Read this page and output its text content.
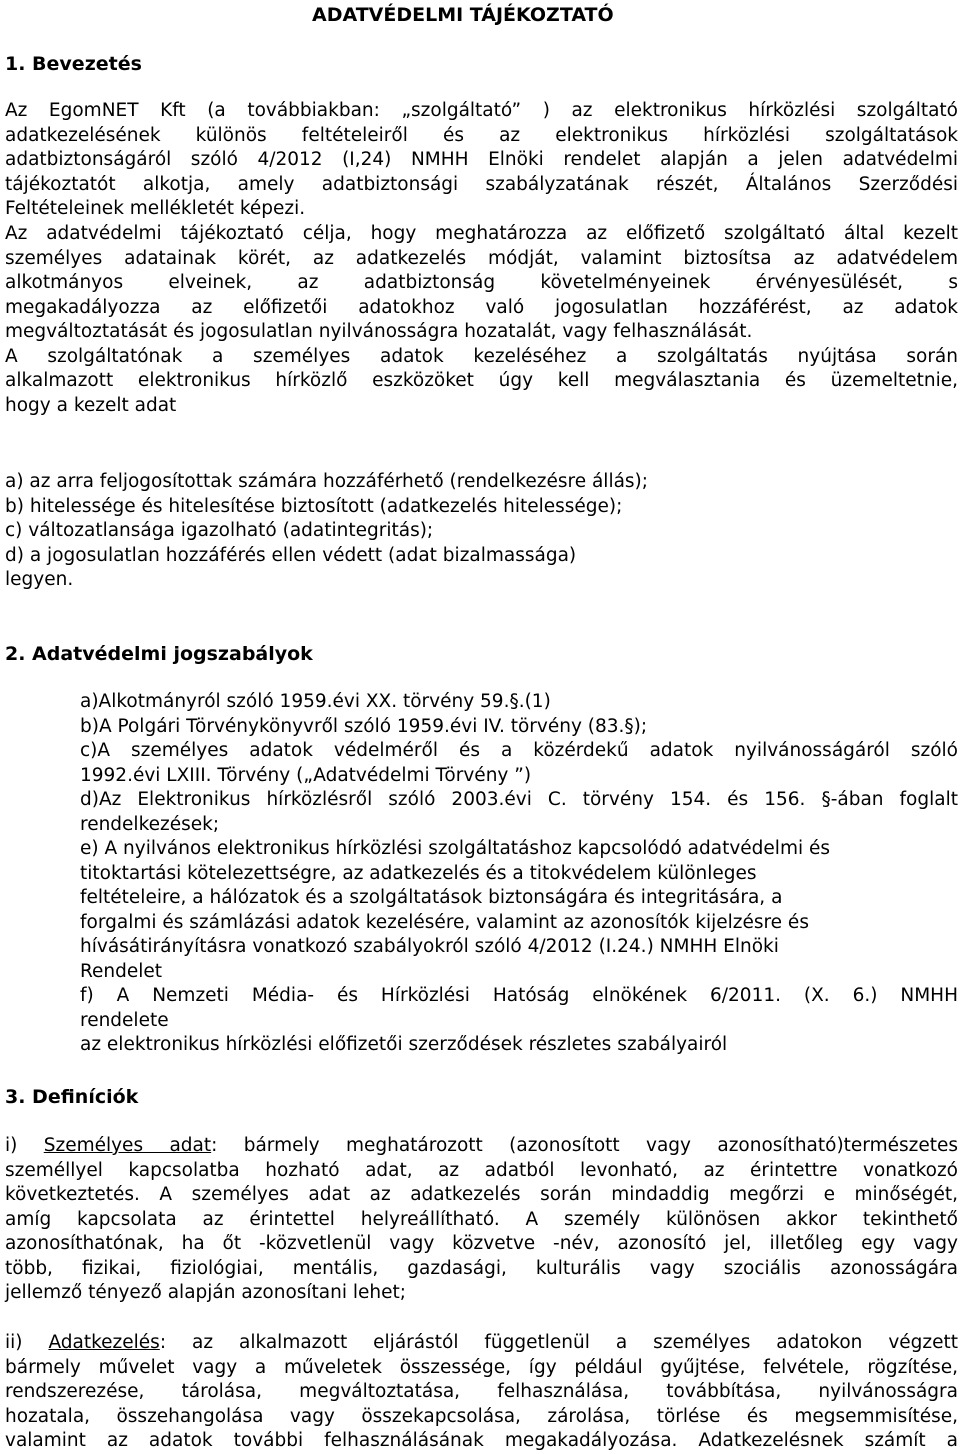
ADATVÉDELMI TÁJÉKOZTATÓ
1. Bevezetés
Az EgomNET Kft (a továbbiakban: „szolgáltató” ) az elektronikus hírközlési szolgáltató
adatkezelésének különös feltételeiről és az elektronikus hírközlési szolgáltatások
adatbiztonságáról szóló 4/2012 (I,24) NMHH Elnöki rendelet alapján a jelen adatvédelmi
tájékoztatót alkotja, amely adatbiztonsági szabályzatának részét, Általános Szerződési
Feltételeinek mellékletét képezi.
Az adatvédelmi tájékoztató célja, hogy meghatározza az előfizető szolgáltató által kezelt
személyes adatainak körét, az adatkezelés módját, valamint biztosítsa az adatvédelem
alkotmányos elveinek, az adatbiztonság követelményeinek érvényesülését, s
megakadályozza az előfizetői adatokhoz való jogosulatlan hozzáférést, az adatok
megváltoztatását és jogosulatlan nyilvánosságra hozatalát, vagy felhasználását.
A szolgáltatónak a személyes adatok kezeléséhez a szolgáltatás nyújtása során
alkalmazott elektronikus hírközlő eszközöket úgy kell megválasztania és üzemeltetnie,
hogy a kezelt adat
a) az arra feljogosítottak számára hozzáférhető (rendelkezésre állás);
b) hitelessége és hitelesítése biztosított (adatkezelés hitelessége);
c) változatlansága igazolható (adatintegritás);
d) a jogosulatlan hozzáférés ellen védett (adat bizalmassága)
legyen.
2. Adatvédelmi jogszabályok
a)Alkotmányról szóló 1959.évi XX. törvény 59.§.(1)
b)A Polgári Törvénykönyvről szóló 1959.évi IV. törvény (83.§);
c)A személyes adatok védelméről és a közérdekű adatok nyilvánosságáról szóló
1992.évi LXIII. Törvény („Adatvédelmi Törvény ”)
d)Az Elektronikus hírközlésről szóló 2003.évi C. törvény 154. és 156. §-ában foglalt
rendelkezések;
e) A nyilvános elektronikus hírközlési szolgáltatáshoz kapcsolódó adatvédelmi és
titoktartási kötelezettségre, az adatkezelés és a titokvédelem különleges
feltételeire, a hálózatok és a szolgáltatások biztonságára és integritására, a
forgalmi és számlázási adatok kezelésére, valamint az azonosítók kijelzésre és
hívásátirányításra vonatkozó szabályokról szóló 4/2012 (I.24.) NMHH Elnöki
Rendelet
f) A Nemzeti Média- és Hírközlési Hatóság elnökének 6/2011. (X. 6.) NMHH
rendelete
az elektronikus hírközlési előfizetői szerződések részletes szabályairól
3. Definíciók
i) Személyes adat: bármely meghatározott (azonosított vagy azonosítható)természetes
személlyel kapcsolatba hozható adat, az adatból levonható, az érintettre vonatkozó
következtetés. A személyes adat az adatkezelés során mindaddig megőrzi e minőségét,
amíg kapcsolata az érintettel helyreállítható. A személy különösen akkor tekinthető
azonosíthatónak, ha őt -közvetlenül vagy közvetve -név, azonosító jel, illetőleg egy vagy
több, fizikai, fiziológiai, mentális, gazdasági, kulturális vagy szociális azonosságára
jellemző tényező alapján azonosítani lehet;
ii) Adatkezelés: az alkalmazott eljárástól függetlenül a személyes adatokon végzett
bármely művelet vagy a műveletek összessége, így például gyűjtése, felvétele, rögzítése,
rendszerezése, tárolása, megváltoztatása, felhasználása, továbbítása, nyilvánosságra
hozatala, összehangolása vagy összekapcsolása, zárolása, törlése és megsemmisítése,
valamint az adatok további felhasználásának megakadályozása. Adatkezelésnek számít a
